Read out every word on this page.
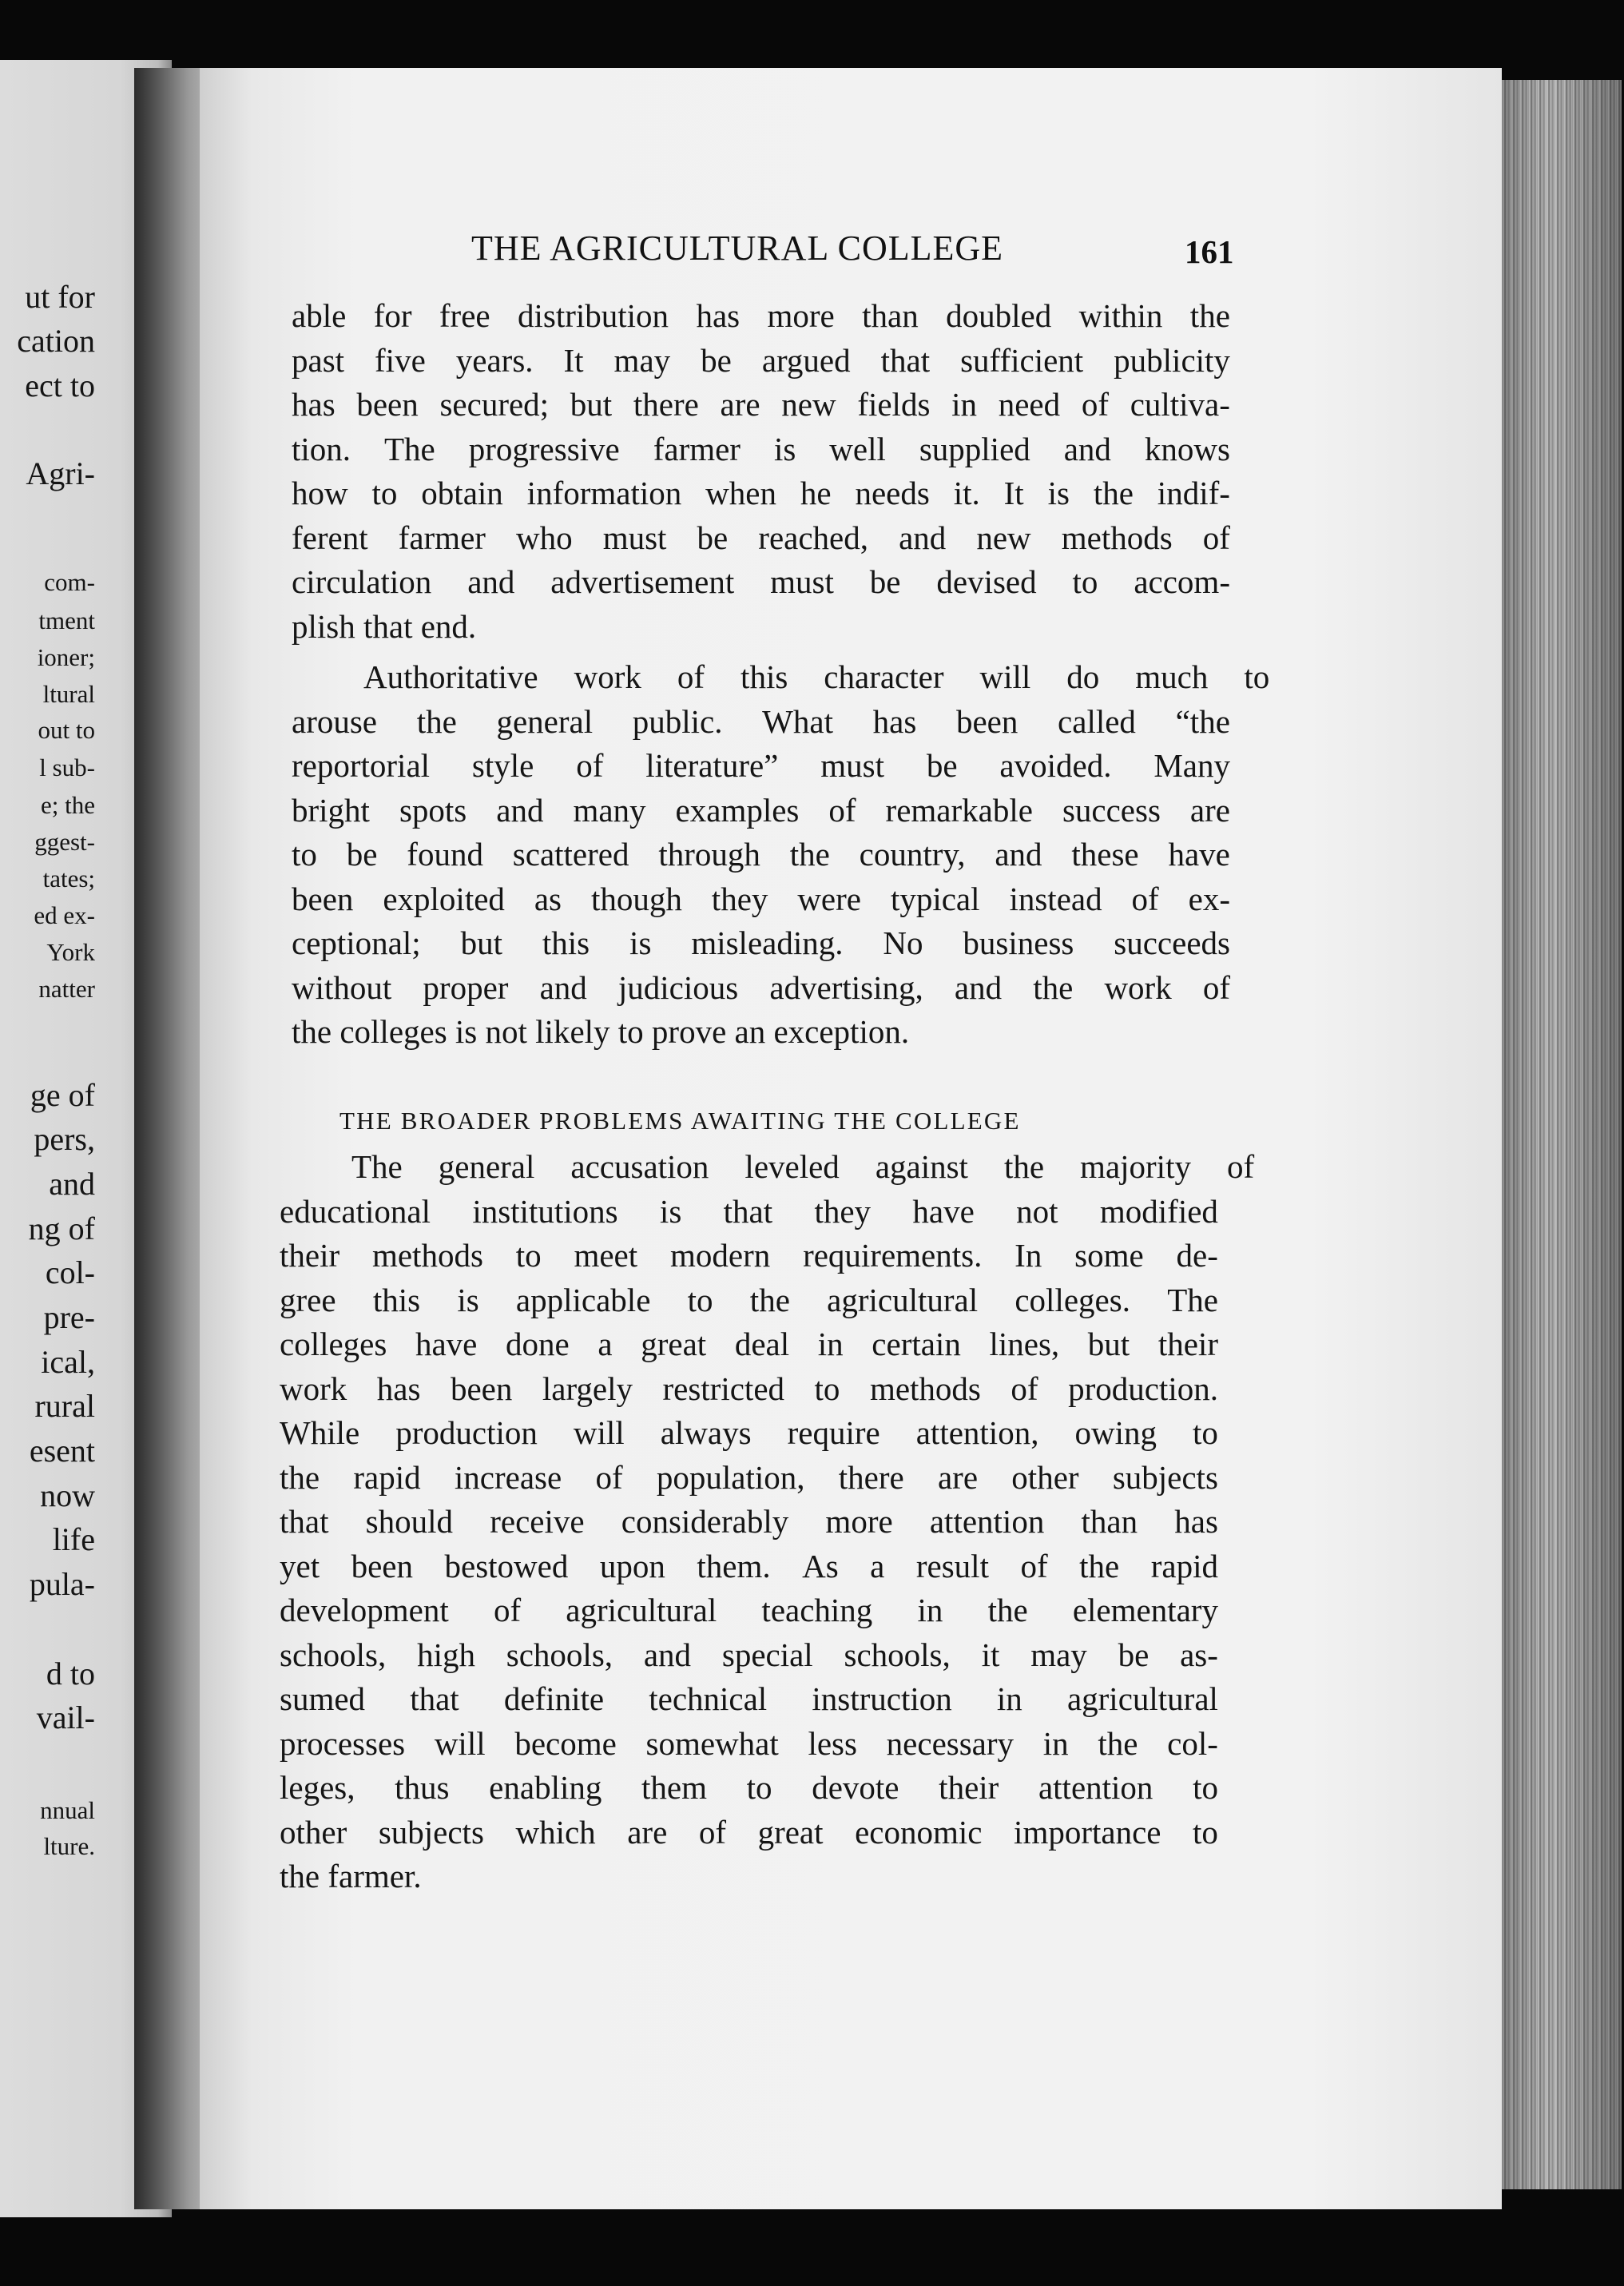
ut for
cation
ect to
Agri-
com-
tment
ioner;
ltural
out to
l sub-
e; the
ggest-
tates;
ed ex-
York
natter
ge of
pers,
and
ng of
col-
pre-
ical,
rural
esent
now
life
pula-
d to
vail-
nnual
lture.
THE AGRICULTURAL COLLEGE	161
able for free distribution has more than doubled within the
past five years. It may be argued that sufficient publicity
has been secured; but there are new fields in need of cultiva-
tion. The progressive farmer is well supplied and knows
how to obtain information when he needs it. It is the indif-
ferent farmer who must be reached, and new methods of
circulation and advertisement must be devised to accom-
plish that end.
Authoritative	work	of	this	character	will	do	much	to
arouse the general public. What has been called “the
reportorial style of literature” must be avoided. Many
bright spots and many examples of remarkable success are
to be found scattered through the country, and these have
been exploited as though they were typical instead of ex-
ceptional; but this is misleading. No business succeeds
without proper and judicious advertising, and the work of
the colleges is not likely to prove an exception.
THE BROADER PROBLEMS AWAITING THE COLLEGE
The	general	accusation	leveled	against	the	majority	of
educational institutions is that they have not modified
their methods to meet modern requirements. In some de-
gree this is applicable to the agricultural colleges. The
colleges have done a great deal in certain lines, but their
work has been largely restricted to methods of production.
While production will always require attention, owing to
the rapid increase of population, there are other subjects
that should receive considerably more attention than has
yet been bestowed upon them. As a result of the rapid
development of agricultural teaching in the elementary
schools, high schools, and special schools, it may be as-
sumed that definite technical instruction in agricultural
processes will become somewhat less necessary in the col-
leges, thus enabling them to devote their attention to
other subjects which are of great economic importance to
the farmer.
